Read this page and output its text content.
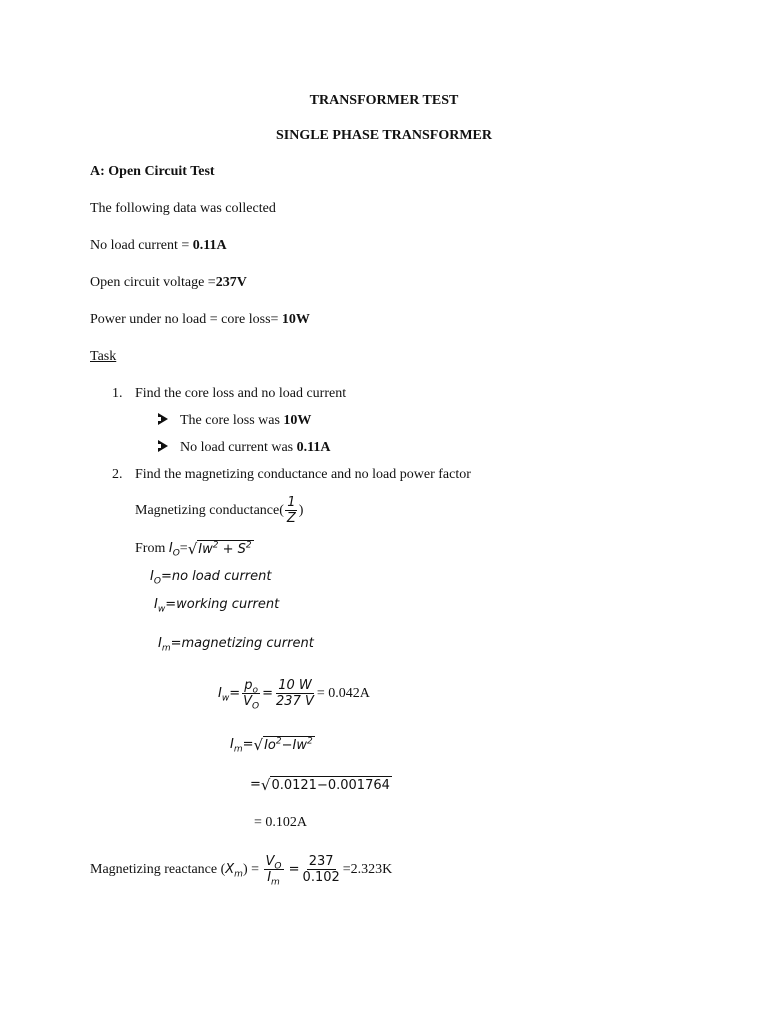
TRANSFORMER TEST
SINGLE PHASE TRANSFORMER
A: Open Circuit Test
The following data was collected
No load current = 0.11A
Open circuit voltage =237V
Power under no load = core loss= 10W
Task
1. Find the core loss and no load current
The core loss was 10W
No load current was 0.11A
2. Find the magnetizing conductance and no load power factor
Magnetizing conductance( $\frac{1}{Z}$ )
From $I_O=$ √ $Iw^2 + S^2$
$I_O=no$ load current
$I_w=working$ current
$I_m=magnetizing$ current
$I_w= \frac{p_o}{V_O} = \frac{10 W}{237 V} = 0.042A$
$I_m=$ √ $Io^2-Iw^2$
= √ 0.0121−0.001764
= 0.102A
Magnetizing reactance $(X_m) = \frac{V_O}{I_m} = \frac{237}{0.102} =2.323K$
